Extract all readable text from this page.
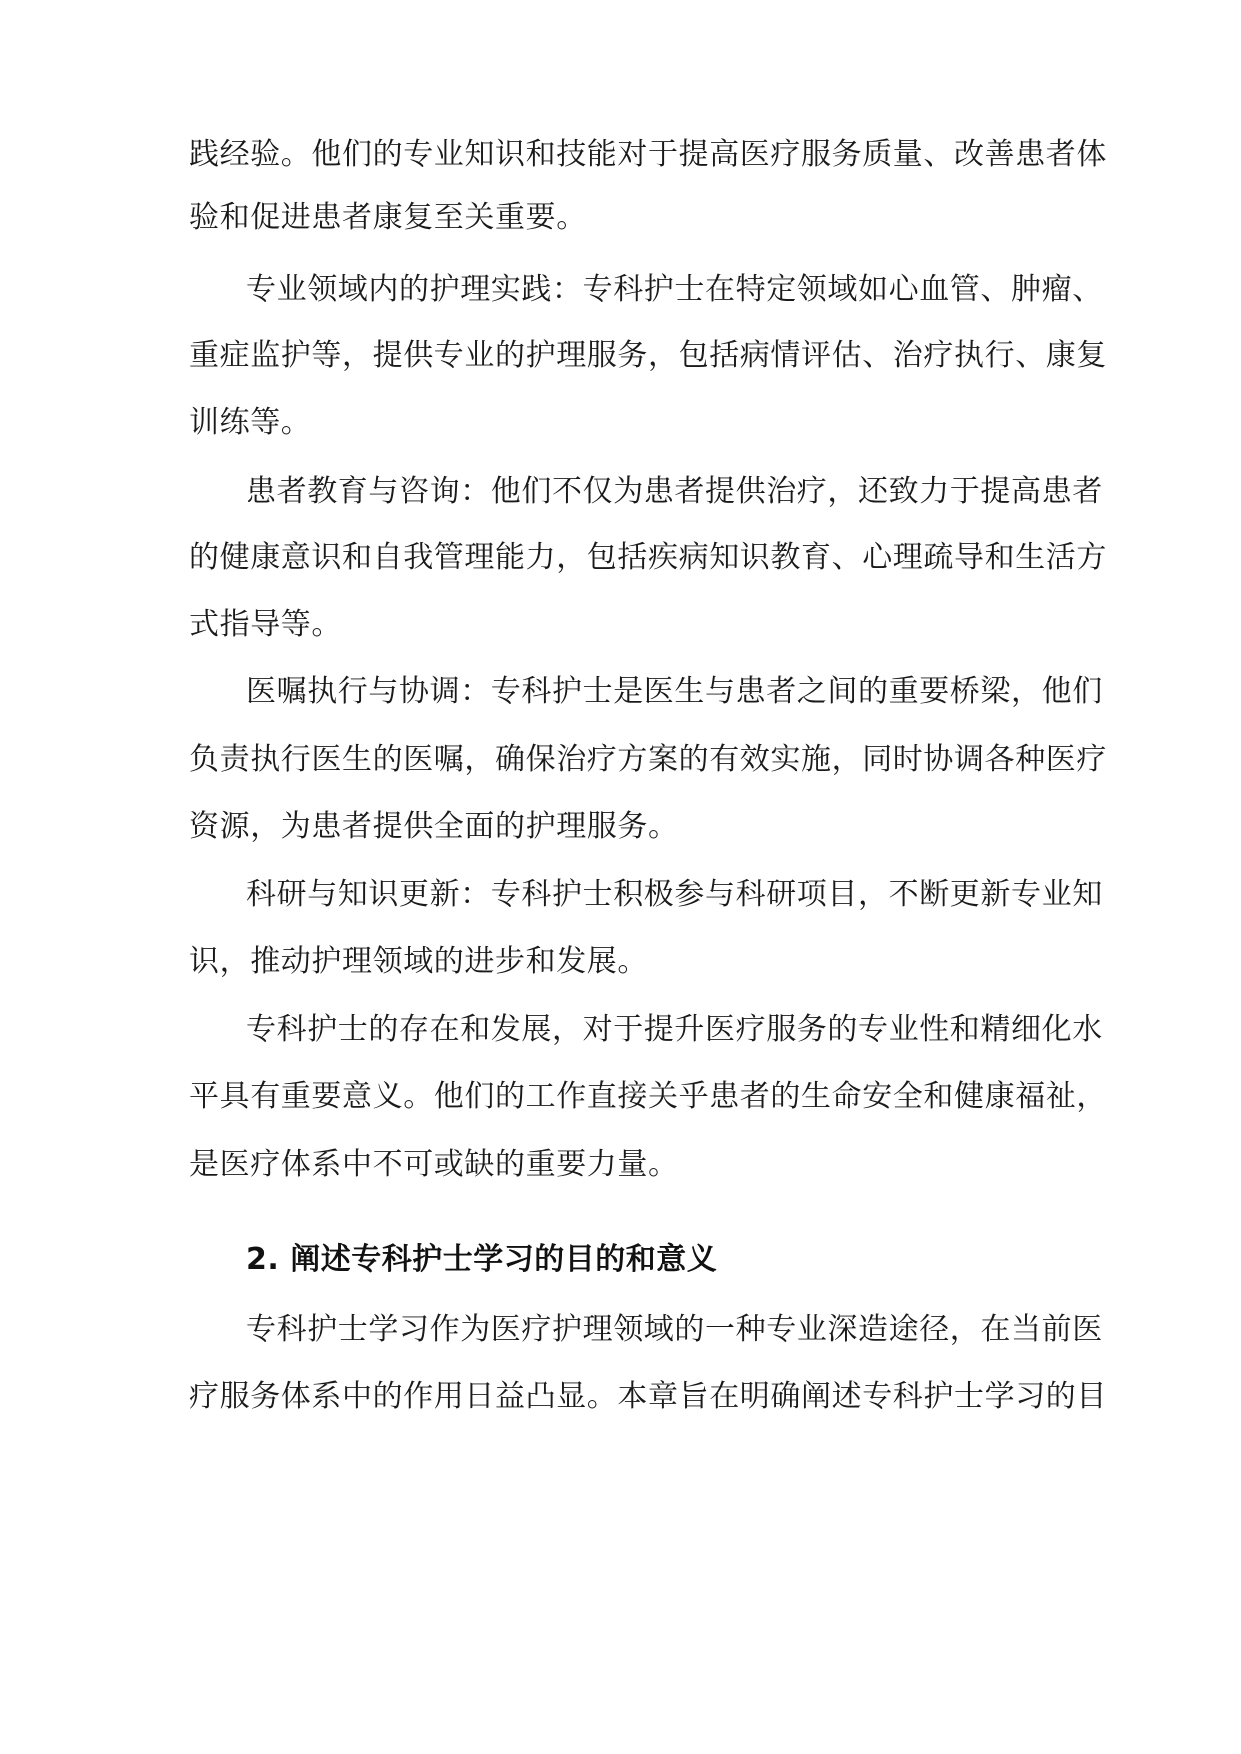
践经验。他们的专业知识和技能对于提高医疗服务质量、改善患者体
验和促进患者康复至关重要。
专业领域内的护理实践：专科护士在特定领域如心血管、肿瘤、
重症监护等，提供专业的护理服务，包括病情评估、治疗执行、康复
训练等。
患者教育与咨询：他们不仅为患者提供治疗，还致力于提高患者
的健康意识和自我管理能力，包括疾病知识教育、心理疏导和生活方
式指导等。
医嘱执行与协调：专科护士是医生与患者之间的重要桥梁，他们
负责执行医生的医嘱，确保治疗方案的有效实施，同时协调各种医疗
资源，为患者提供全面的护理服务。
科研与知识更新：专科护士积极参与科研项目，不断更新专业知
识，推动护理领域的进步和发展。
专科护士的存在和发展，对于提升医疗服务的专业性和精细化水
平具有重要意义。他们的工作直接关乎患者的生命安全和健康福祉，
是医疗体系中不可或缺的重要力量。
2. 阐述专科护士学习的目的和意义
专科护士学习作为医疗护理领域的一种专业深造途径，在当前医
疗服务体系中的作用日益凸显。本章旨在明确阐述专科护士学习的目
